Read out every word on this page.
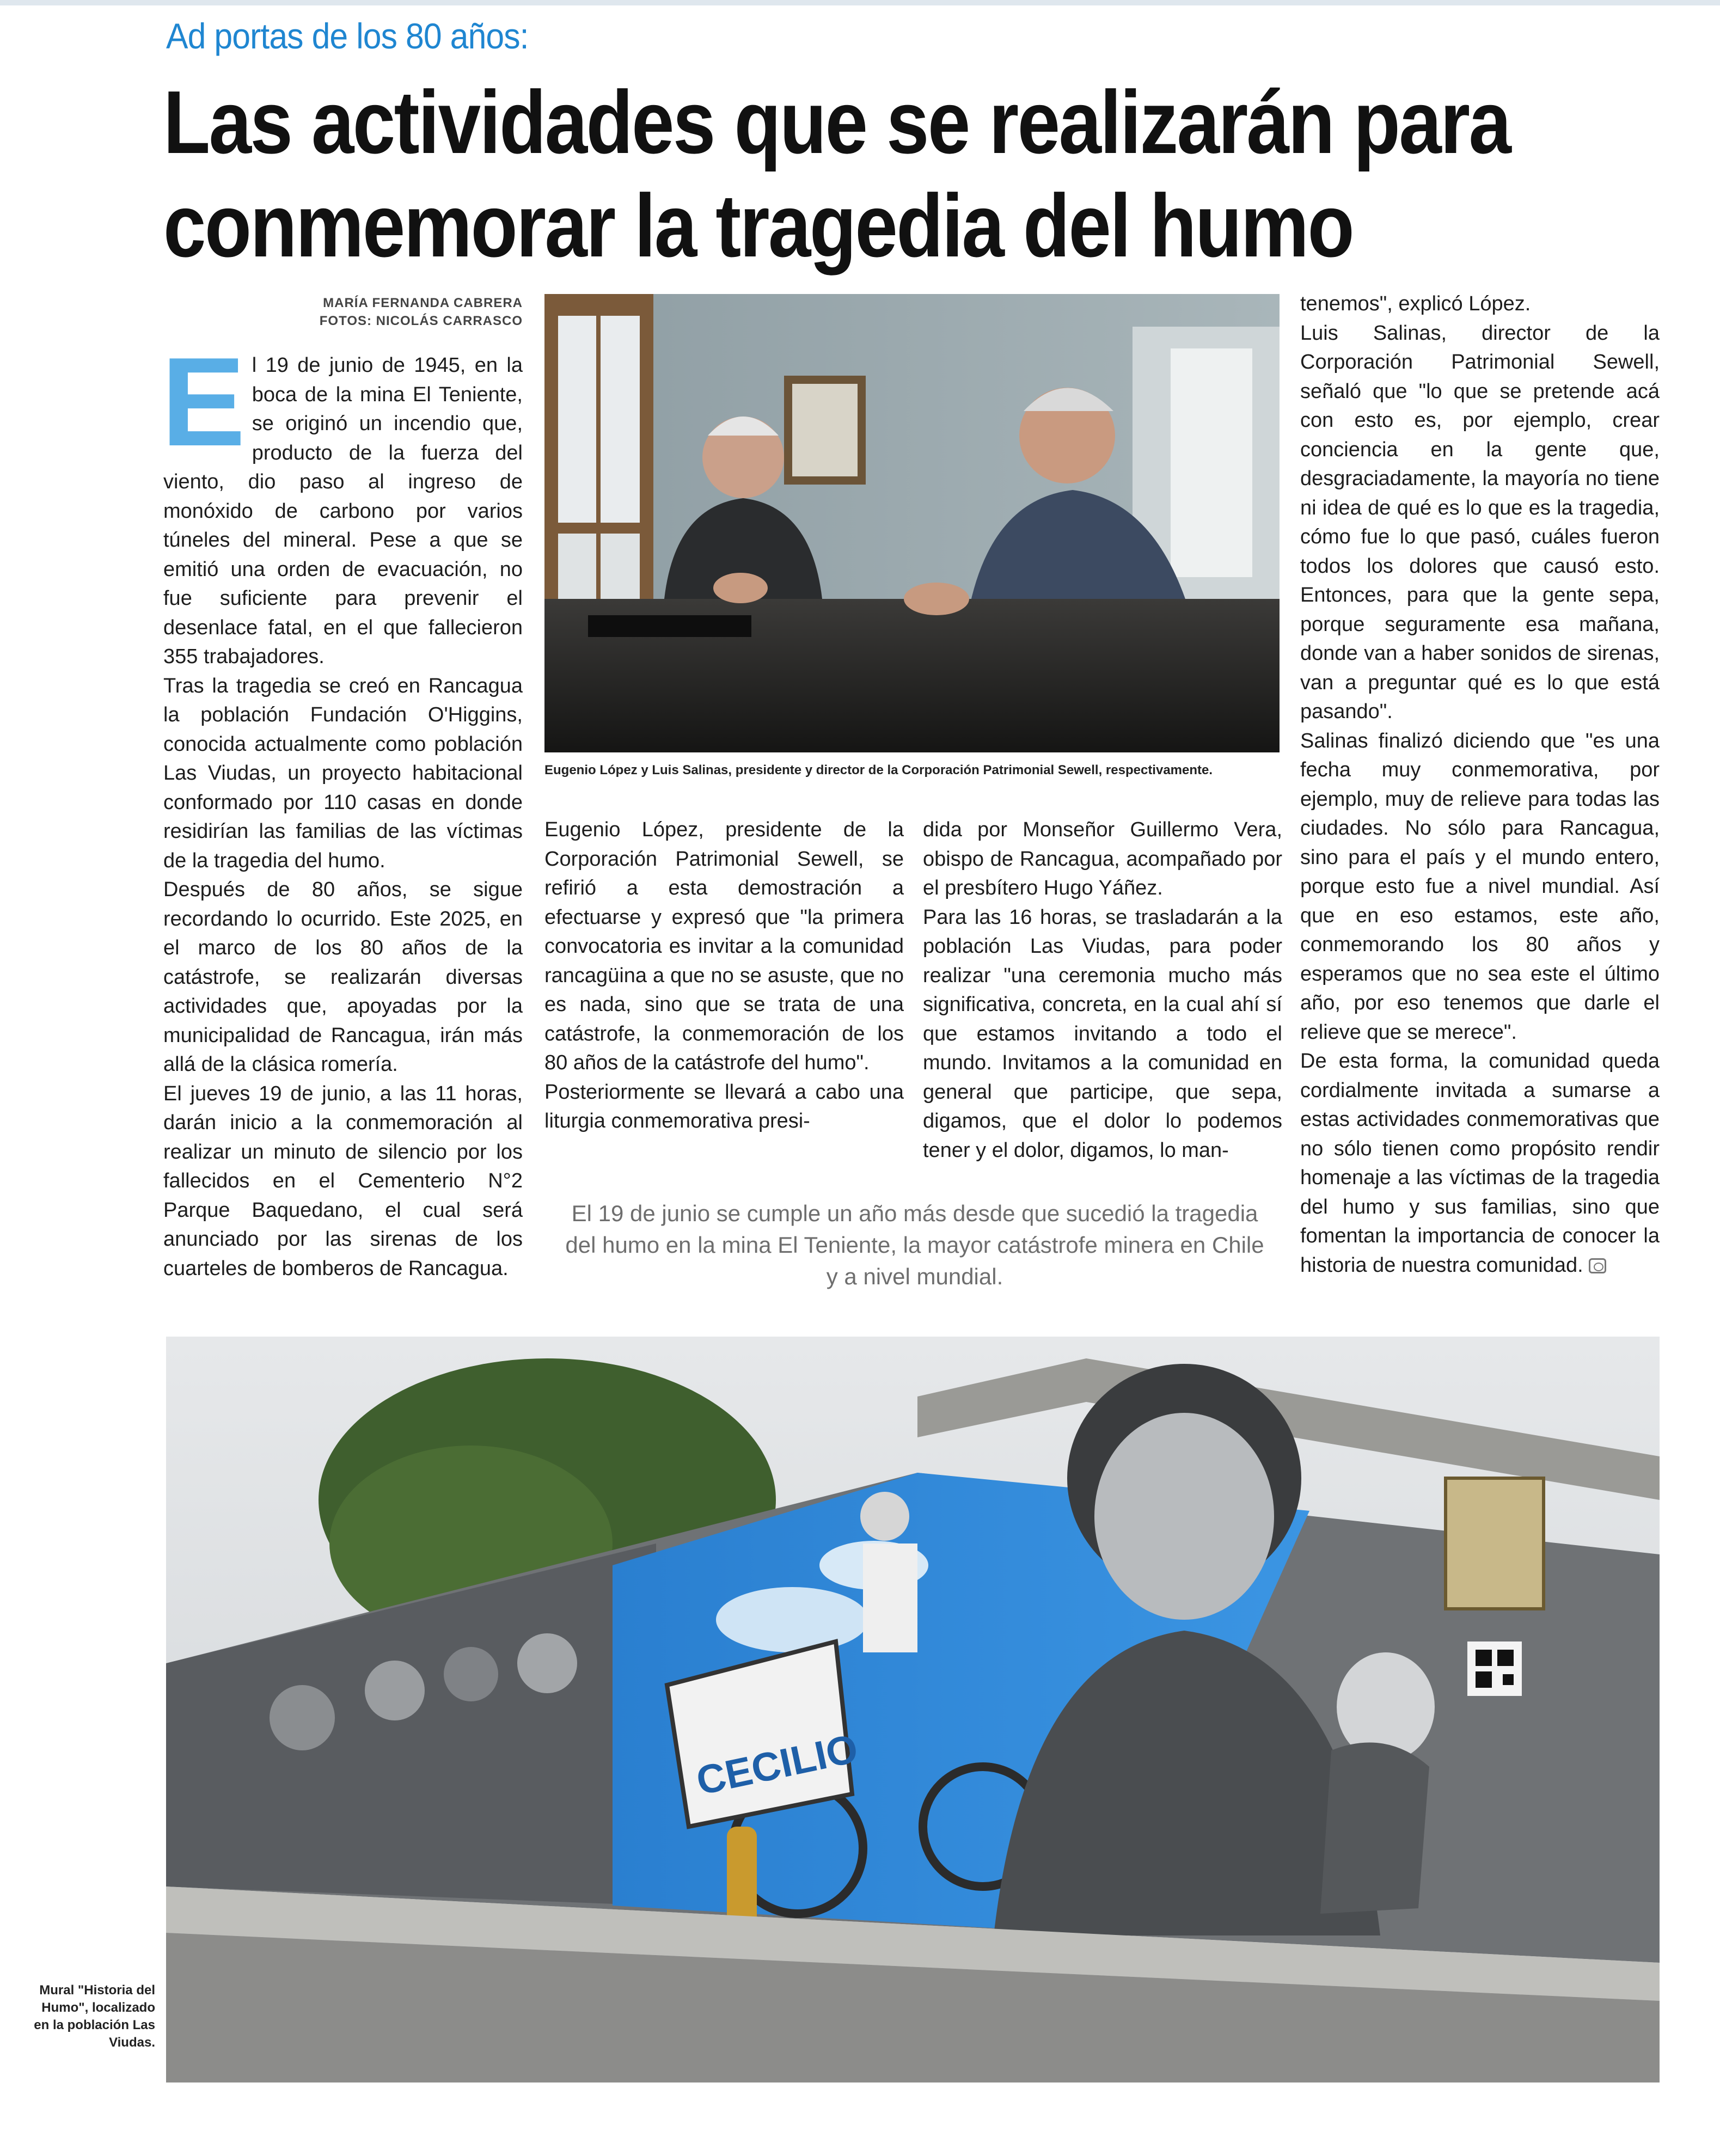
Ad portas de los 80 años:
Las actividades que se realizarán para
conmemorar la tragedia del humo
MARÍA FERNANDA CABRERA
FOTOS: NICOLÁS CARRASCO

El 19 de junio de 1945, en la boca de la mina El Teniente, se originó un incendio que, producto de la fuerza del viento, dio paso al ingreso de monóxido de carbono por varios túneles del mineral. Pese a que se emitió una orden de evacuación, no fue suficiente para prevenir el desenlace fatal, en el que fallecieron 355 trabajadores.

Tras la tragedia se creó en Rancagua la población Fundación O'Higgins, conocida actualmente como población Las Viudas, un proyecto habitacional conformado por 110 casas en donde residirían las familias de las víctimas de la tragedia del humo.

Después de 80 años, se sigue recordando lo ocurrido. Este 2025, en el marco de los 80 años de la catástrofe, se realizarán diversas actividades que, apoyadas por la municipalidad de Rancagua, irán más allá de la clásica romería.

El jueves 19 de junio, a las 11 horas, darán inicio a la conmemoración al realizar un minuto de silencio por los fallecidos en el Cementerio N°2 Parque Baquedano, el cual será anunciado por las sirenas de los cuarteles de bomberos de Rancagua.

Eugenio López y Luis Salinas, presidente y director de la Corporación Patrimonial Sewell, respectivamente.

Eugenio López, presidente de la Corporación Patrimonial Sewell, se refirió a esta demostración a efectuarse y expresó que "la primera convocatoria es invitar a la comunidad rancagüina a que no se asuste, que no es nada, sino que se trata de una catástrofe, la conmemoración de los 80 años de la catástrofe del humo".

Posteriormente se llevará a cabo una liturgia conmemorativa presi-

dida por Monseñor Guillermo Vera, obispo de Rancagua, acompañado por el presbítero Hugo Yáñez.

Para las 16 horas, se trasladarán a la población Las Viudas, para poder realizar "una ceremonia mucho más significativa, concreta, en la cual ahí sí que estamos invitando a todo el mundo. Invitamos a la comunidad en general que participe, que sepa, digamos, que el dolor lo podemos tener y el dolor, digamos, lo man-

tenemos", explicó López.

Luis Salinas, director de la Corporación Patrimonial Sewell, señaló que "lo que se pretende acá con esto es, por ejemplo, crear conciencia en la gente que, desgraciadamente, la mayoría no tiene ni idea de qué es lo que es la tragedia, cómo fue lo que pasó, cuáles fueron todos los dolores que causó esto. Entonces, para que la gente sepa, porque seguramente esa mañana, donde van a haber sonidos de sirenas, van a preguntar qué es lo que está pasando".

Salinas finalizó diciendo que "es una fecha muy conmemorativa, por ejemplo, muy de relieve para todas las ciudades. No sólo para Rancagua, sino para el país y el mundo entero, porque esto fue a nivel mundial. Así que en eso estamos, este año, conmemorando los 80 años y esperamos que no sea este el último año, por eso tenemos que darle el relieve que se merece".

De esta forma, la comunidad queda cordialmente invitada a sumarse a estas actividades conmemorativas que no sólo tienen como propósito rendir homenaje a las víctimas de la tragedia del humo y sus familias, sino que fomentan la importancia de conocer la historia de nuestra comunidad.

El 19 de junio se cumple un año más desde que sucedió la tragedia del humo en la mina El Teniente, la mayor catástrofe minera en Chile y a nivel mundial.
CECILIO
Mural "Historia del Humo", localizado en la población Las Viudas.
